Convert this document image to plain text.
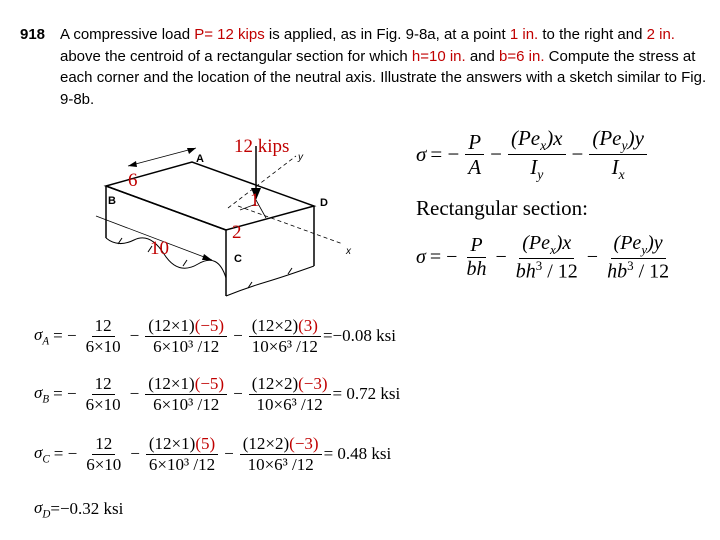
918 A compressive load P= 12 kips is applied, as in Fig. 9-8a, at a point 1 in. to the right and 2 in. above the centroid of a rectangular section for which h=10 in. and b=6 in. Compute the stress at each corner and the location of the neutral axis. Illustrate the answers with a sketch similar to Fig. 9-8b.
12 kips
6
10
1
2
A
B
C
D
x
y	σ = − $\frac{P}{A} - \frac{(Pe_x)x}{I_y} - \frac{(Pe_y)y}{I_x}$
Rectangular section:
σ = − $\frac{P}{bh} - \frac{(Pe_x)x}{bh^3 / 12} - \frac{(Pe_y)y}{hb^3 / 12}$
$\sigma_A$ = − $\frac{12}{6\times 10} - \frac{(12\times 1)(-5)}{\text{6×10³ /12}} - \frac{(12\times 2)(3)}{\text{10×6³ /12}} =-0.08$ ksi
$\sigma_B$ = − $\frac{12}{6\times 10} - \frac{(12\times 1)(-5)}{\text{6×10³ /12}} - \frac{(12\times 2)(-3)}{\text{10×6³ /12}} = 0.72$ ksi
$\sigma_C$ = − $\frac{12}{6\times 10} - \frac{(12\times 1)(5)}{\text{6×10³ /12}} - \frac{(12\times 2)(-3)}{\text{10×6³ /12}} = 0.48$ ksi
$\sigma_D =-0.32$ ksi
